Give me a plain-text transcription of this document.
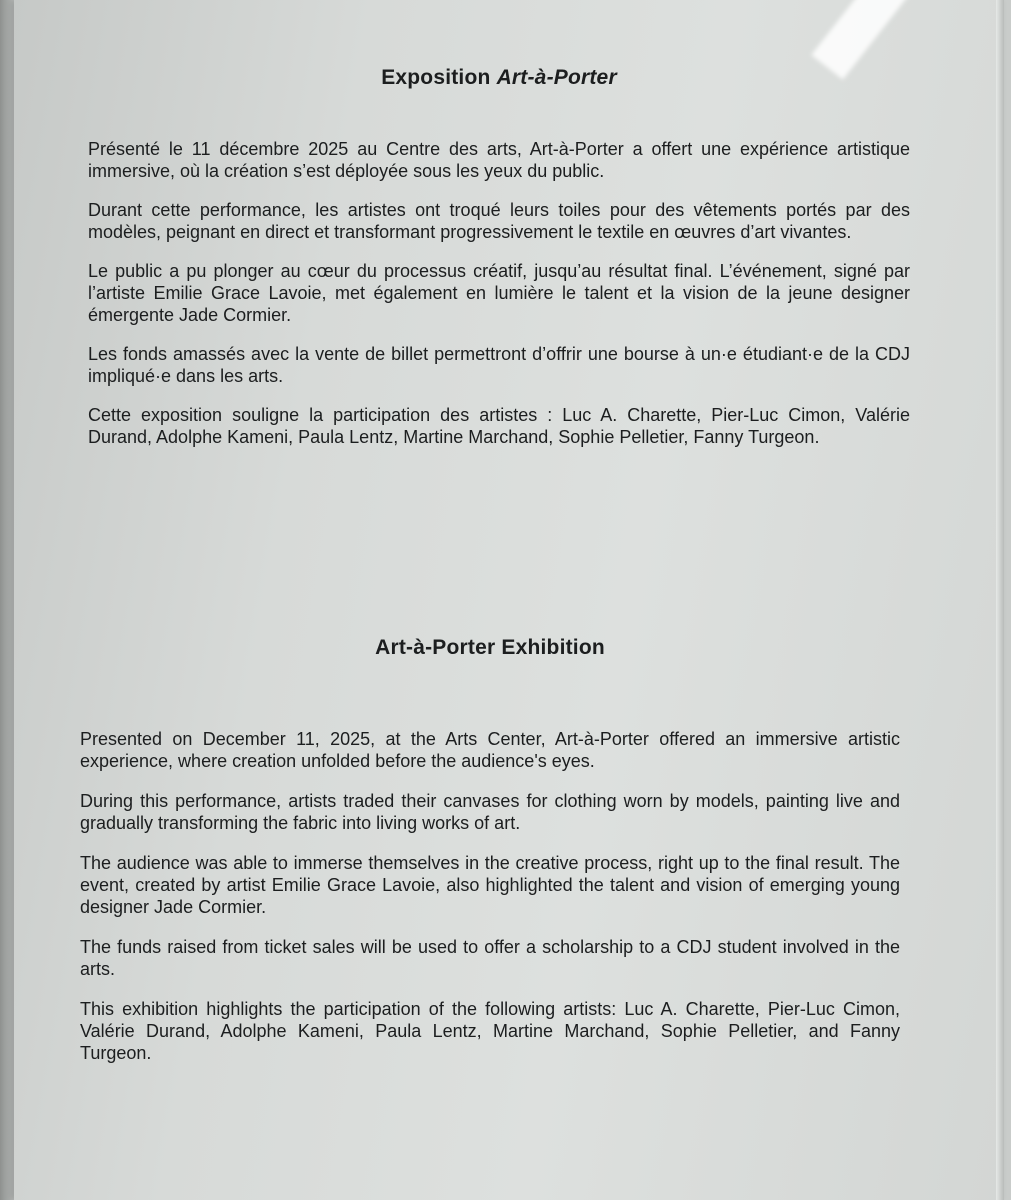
Exposition Art-à-Porter

Présenté le 11 décembre 2025 au Centre des arts, Art-à-Porter a offert une expérience artistique immersive, où la création s’est déployée sous les yeux du public.

Durant cette performance, les artistes ont troqué leurs toiles pour des vêtements portés par des modèles, peignant en direct et transformant progressivement le textile en œuvres d’art vivantes.

Le public a pu plonger au cœur du processus créatif, jusqu’au résultat final. L’événement, signé par l’artiste Emilie Grace Lavoie, met également en lumière le talent et la vision de la jeune designer émergente Jade Cormier.

Les fonds amassés avec la vente de billet permettront d’offrir une bourse à un·e étudiant·e de la CDJ impliqué·e dans les arts.

Cette exposition souligne la participation des artistes : Luc A. Charette, Pier-Luc Cimon, Valérie Durand, Adolphe Kameni, Paula Lentz, Martine Marchand, Sophie Pelletier, Fanny Turgeon.

Art-à-Porter Exhibition

Presented on December 11, 2025, at the Arts Center, Art-à-Porter offered an immersive artistic experience, where creation unfolded before the audience's eyes.

During this performance, artists traded their canvases for clothing worn by models, painting live and gradually transforming the fabric into living works of art.

The audience was able to immerse themselves in the creative process, right up to the final result. The event, created by artist Emilie Grace Lavoie, also highlighted the talent and vision of emerging young designer Jade Cormier.

The funds raised from ticket sales will be used to offer a scholarship to a CDJ student involved in the arts.

This exhibition highlights the participation of the following artists: Luc A. Charette, Pier-Luc Cimon, Valérie Durand, Adolphe Kameni, Paula Lentz, Martine Marchand, Sophie Pelletier, and Fanny Turgeon.
